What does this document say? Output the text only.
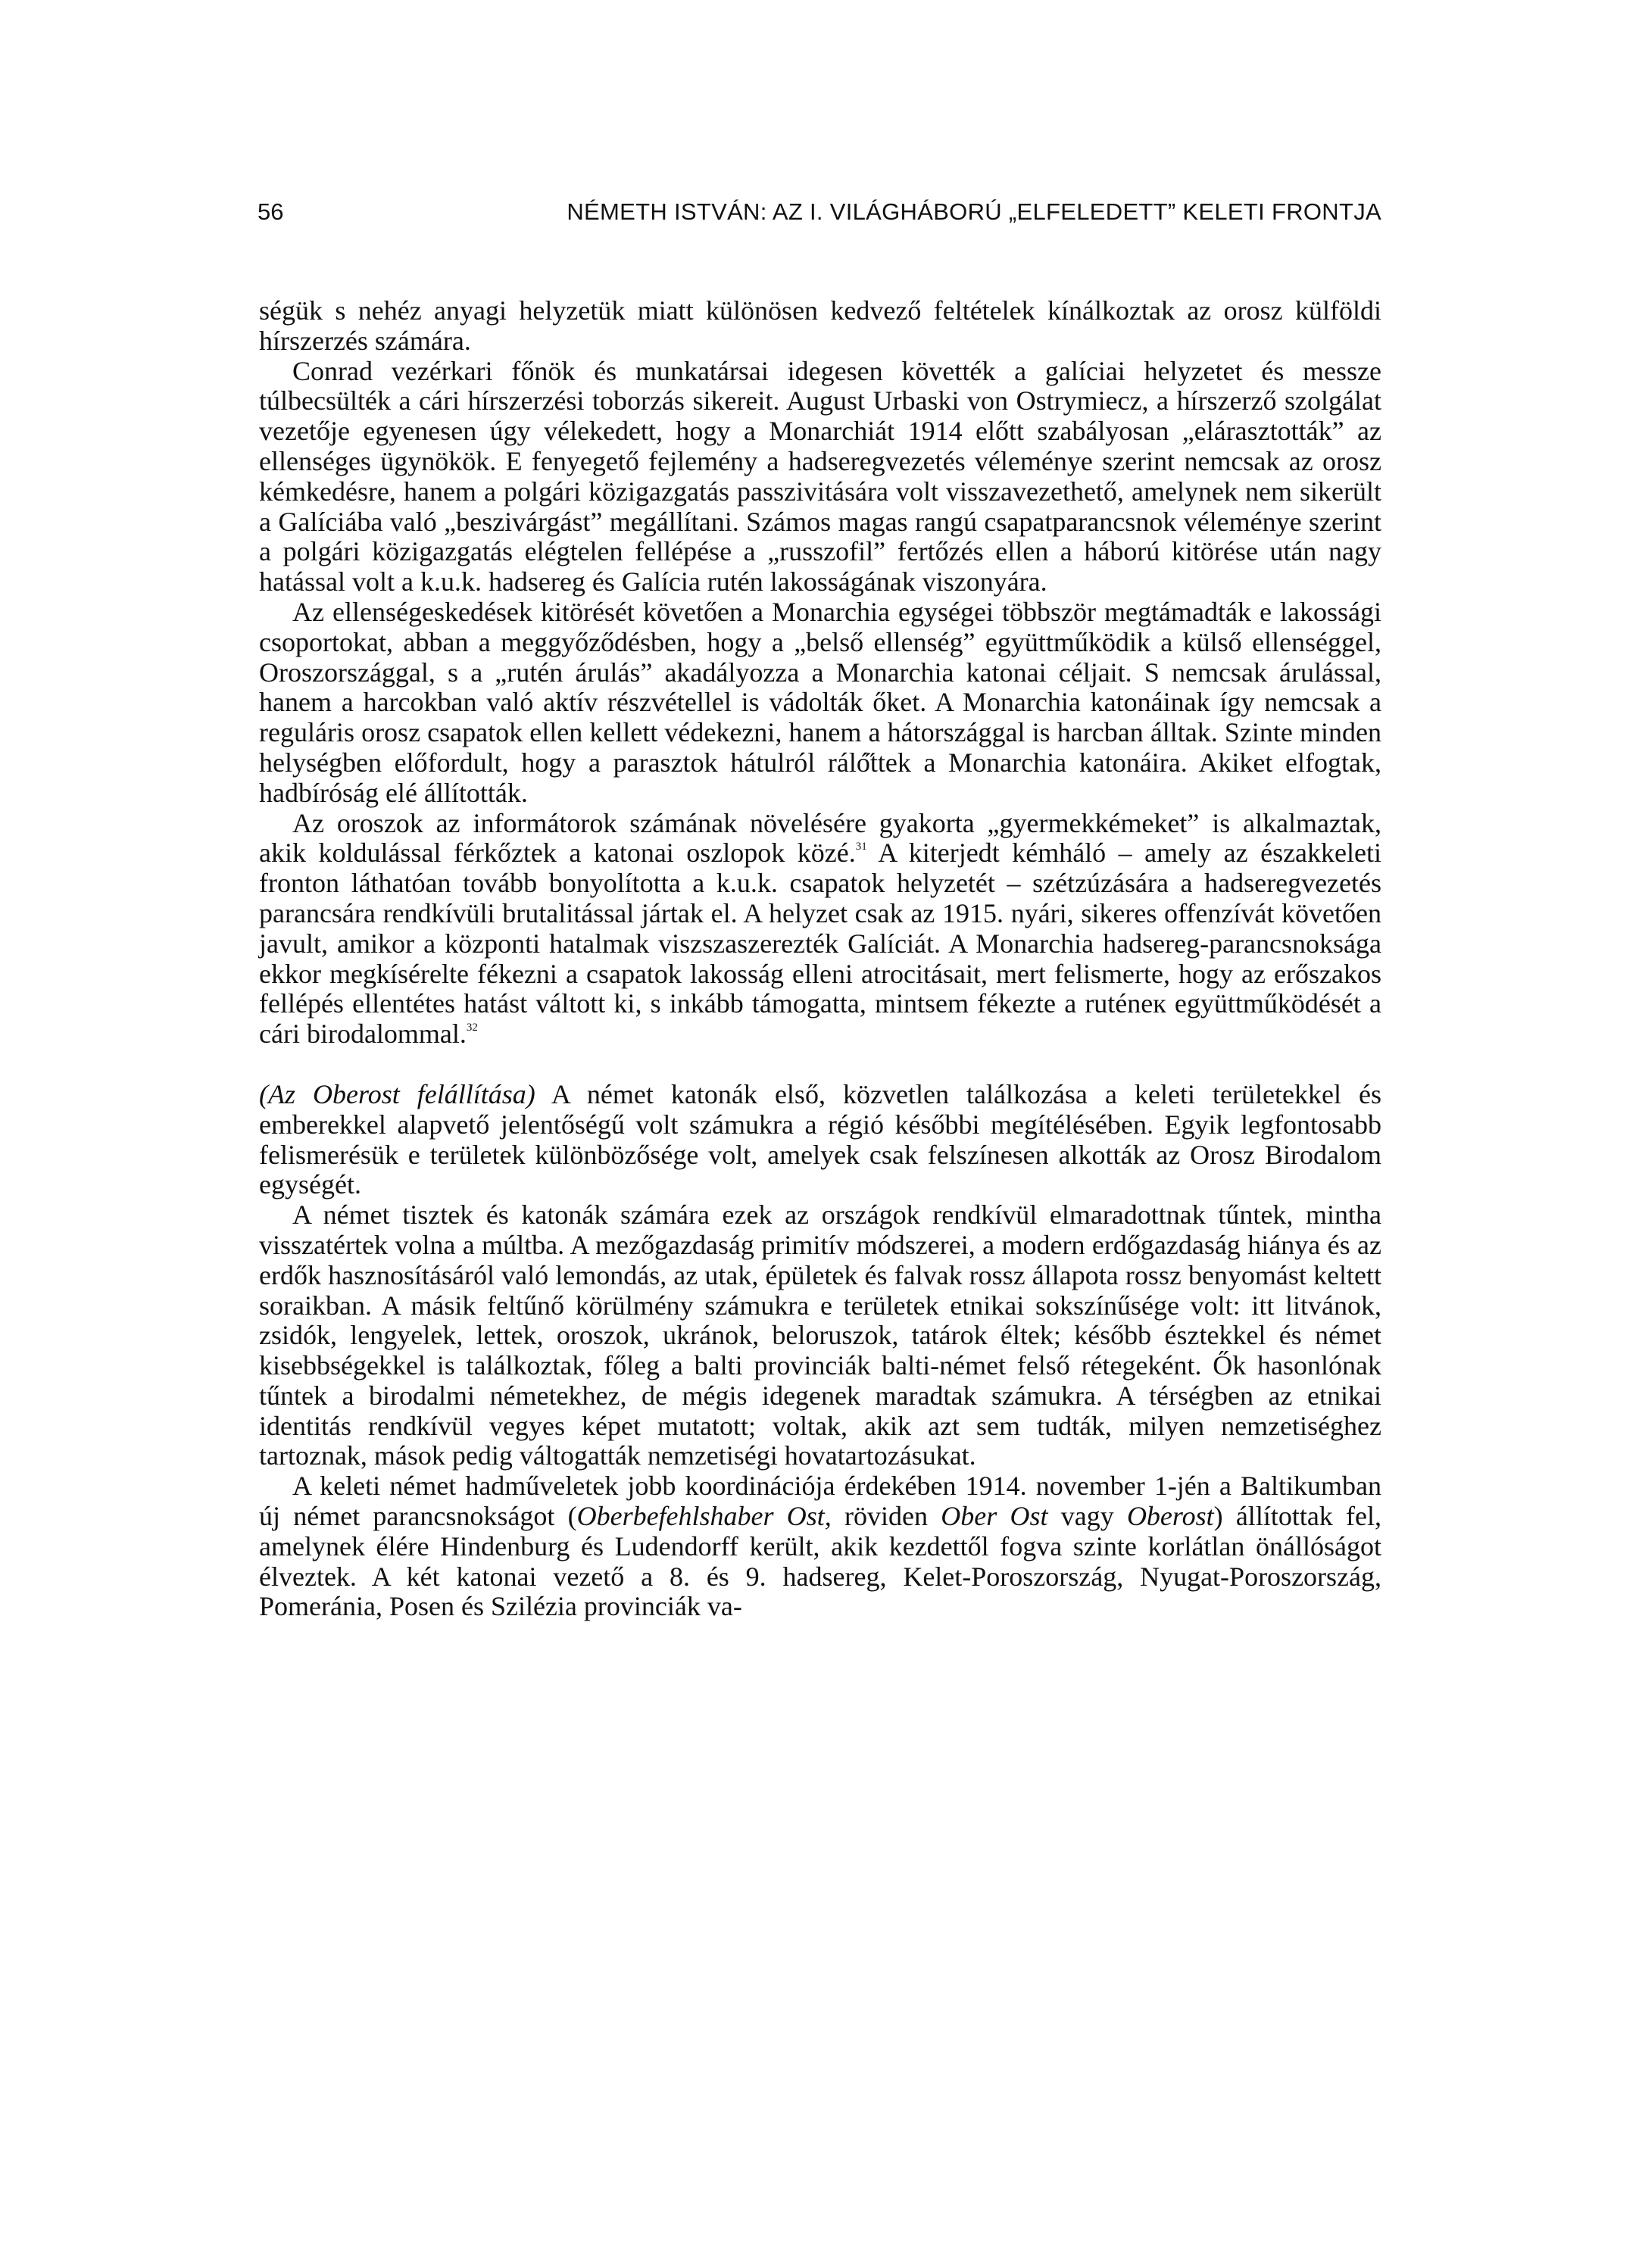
56	NÉMETH ISTVÁN: AZ I. VILÁGHÁBORÚ „ELFELEDETT” KELETI FRONTJA

ségük s nehéz anyagi helyzetük miatt különösen kedvező feltételek kínálkoztak az orosz külföldi hírszerzés számára.

Conrad vezérkari főnök és munkatársai idegesen követték a galíciai helyzetet és messze túlbecsülték a cári hírszerzési toborzás sikereit. August Urbaski von Ostrymiecz, a hírszerző szolgálat vezetője egyenesen úgy vélekedett, hogy a Monarchiát 1914 előtt szabályosan „elárasztották” az ellenséges ügynökök. E fenyegető fejlemény a hadseregvezetés véleménye szerint nemcsak az orosz kémkedésre, hanem a polgári közigazgatás passzivitására volt visszavezethető, amelynek nem sikerült a Galíciába való „beszivárgást” megállítani. Számos magas rangú csapatparancsnok véleménye szerint a polgári közigazgatás elégtelen fellépése a „russzofil” fertőzés ellen a háború kitörése után nagy hatással volt a k.u.k. hadsereg és Galícia rutén lakosságának viszonyára.

Az ellenségeskedések kitörését követően a Monarchia egységei többször megtámadták e lakossági csoportokat, abban a meggyőződésben, hogy a „belső ellenség” együttműködik a külső ellenséggel, Oroszországgal, s a „rutén árulás” akadályozza a Monarchia katonai céljait. S nemcsak árulással, hanem a harcokban való aktív részvétellel is vádolták őket. A Monarchia katonáinak így nemcsak a reguláris orosz csapatok ellen kellett védekezni, hanem a hátországgal is harcban álltak. Szinte minden helységben előfordult, hogy a parasztok hátulról ráló̋ttek a Monarchia katonáira. Akiket elfogtak, hadbíróság elé állították.

Az oroszok az informátorok számának növelésére gyakorta „gyermekkémeket” is alkalmaztak, akik koldulással férkőztek a katonai oszlopok közé.$^{31}$ A kiterjedt kémháló – amely az északkeleti fronton láthatóan tovább bonyolította a k.u.k. csapatok helyzetét – szétzúzására a hadseregvezetés parancsára rendkívüli brutalitással jártak el. A helyzet csak az 1915. nyári, sikeres offenzívát követően javult, amikor a központi hatalmak viszszaszerezték Galíciát. A Monarchia hadsereg-parancsnoksága ekkor megkísérelte fékezni a csapatok lakosság elleni atrocitásait, mert felismerte, hogy az erőszakos fellépés ellentétes hatást váltott ki, s inkább támogatta, mintsem fékezte a ruténeк együttműködését a cári birodalommal.$^{32}$

(Az Oberost felállítása) A német katonák első, közvetlen találkozása a keleti területekkel és emberekkel alapvető jelentőségű volt számukra a régió későbbi megítélésében. Egyik legfontosabb felismerésük e területek különbözősége volt, amelyek csak felszínesen alkották az Orosz Birodalom egységét.

A német tisztek és katonák számára ezek az országok rendkívül elmaradottnak tűntek, mintha visszatértek volna a múltba. A mezőgazdaság primitív módszerei, a modern erdőgazdaság hiánya és az erdők hasznosításáról való lemondás, az utak, épületek és falvak rossz állapota rossz benyomást keltett soraikban. A másik feltűnő körülmény számukra e területek etnikai sokszínűsége volt: itt litvánok, zsidók, lengyelek, lettek, oroszok, ukránok, beloruszok, tatárok éltek; később észtekkel és német kisebbségekkel is találkoztak, főleg a balti provinciák balti-német felső rétegeként. Ők hasonlónak tűntek a birodalmi németekhez, de mégis idegenek maradtak számukra. A térségben az etnikai identitás rendkívül vegyes képet mutatott; voltak, akik azt sem tudták, milyen nemzetiséghez tartoznak, mások pedig váltogatták nemzetiségi hovatartozásukat.

A keleti német hadműveletek jobb koordinációja érdekében 1914. november 1-jén a Baltikumban új német parancsnokságot (Oberbefehlshaber Ost, röviden Ober Ost vagy Oberost) állítottak fel, amelynek élére Hindenburg és Ludendorff került, akik kezdettől fogva szinte korlátlan önállóságot élveztek. A két katonai vezető a 8. és 9. hadsereg, Kelet-Poroszország, Nyugat-Poroszország, Pomeránia, Posen és Szilézia provinciák va-
